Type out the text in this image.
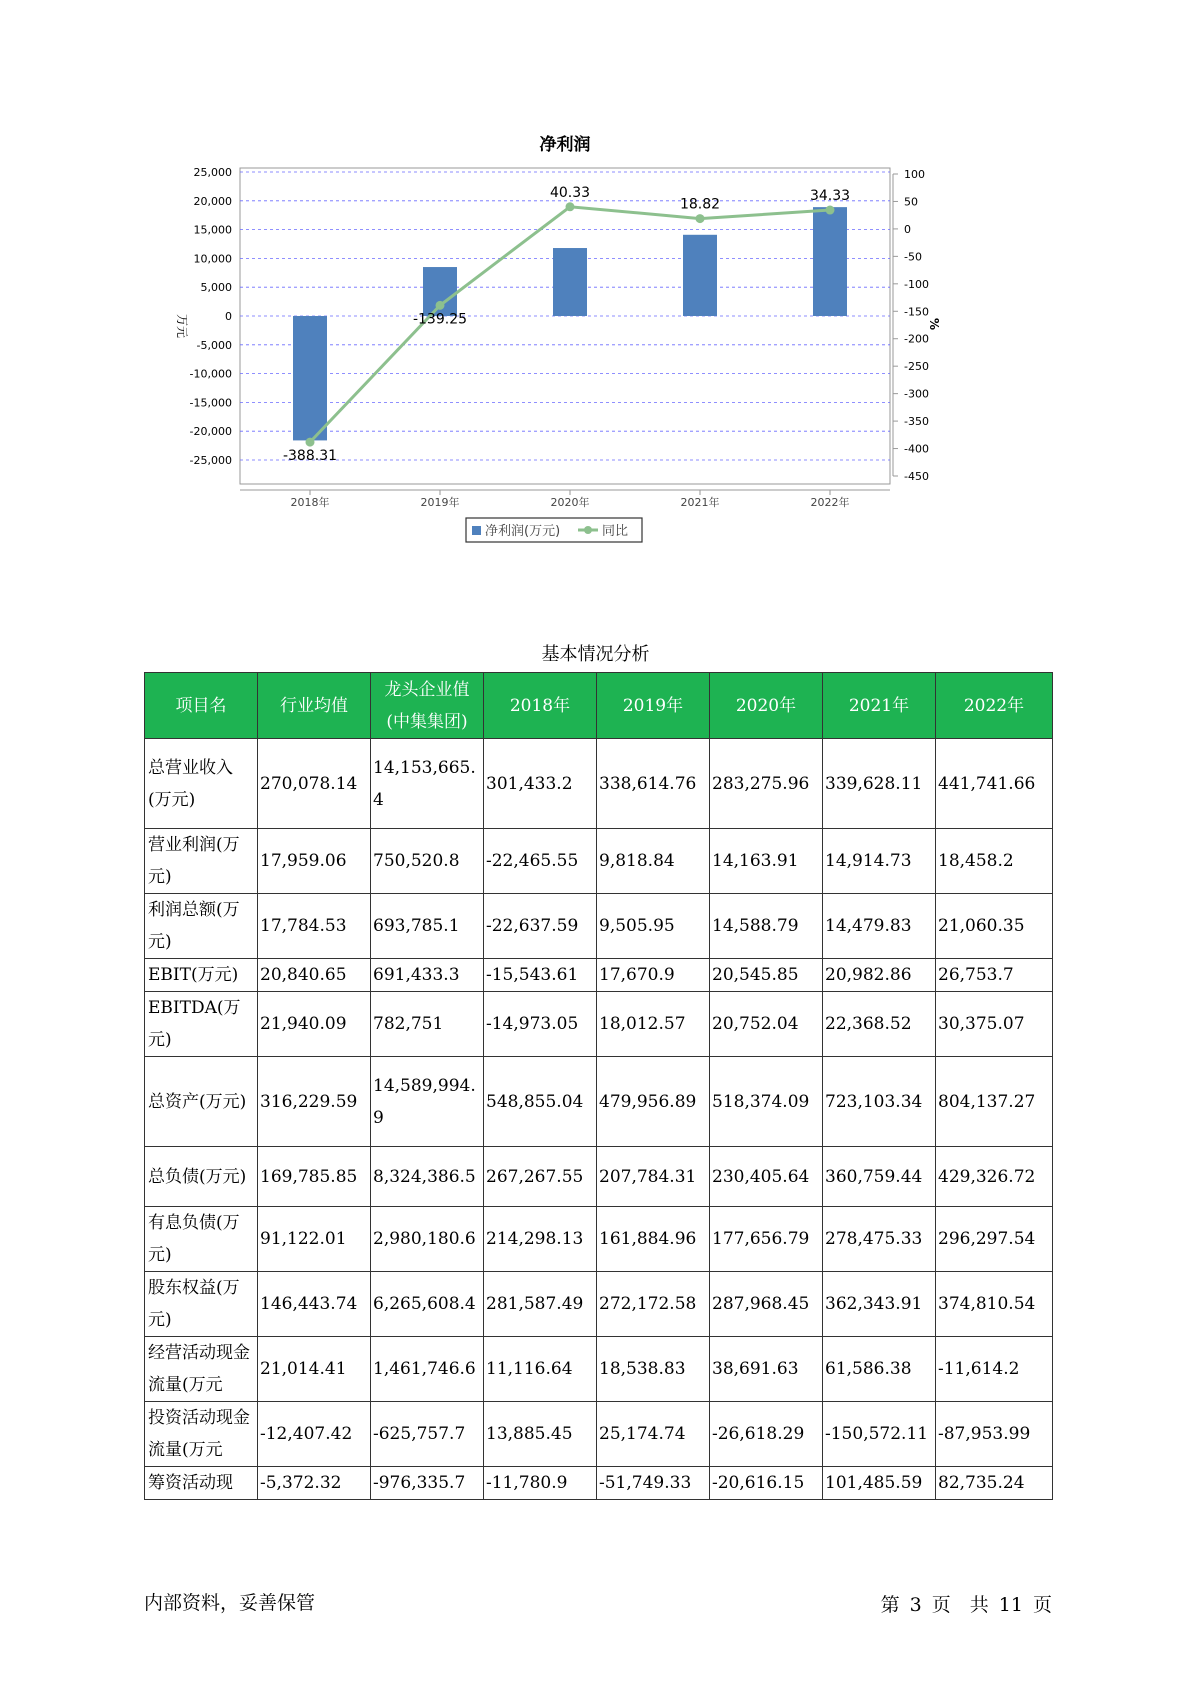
净利润
25,000
20,000
15,000
10,000
5,000
0
-5,000
-10,000
-15,000
-20,000
-25,000
100
50
0
-50
-100
-150
-200
-250
-300
-350
-400
-450
万元	%
2018年	2019年	2020年	2021年	2022年
-388.31
-139.25
40.33
18.82
34.33
净利润(万元)	同比
基本情况分析
项目名	行业均值	龙头企业值(中集集团)	2018年	2019年	2020年	2021年	2022年
总营业收入(万元)	270,078.14	14,153,665.4	301,433.2	338,614.76	283,275.96	339,628.11	441,741.66
营业利润(万元)	17,959.06	750,520.8	-22,465.55	9,818.84	14,163.91	14,914.73	18,458.2
利润总额(万元)	17,784.53	693,785.1	-22,637.59	9,505.95	14,588.79	14,479.83	21,060.35
EBIT(万元)	20,840.65	691,433.3	-15,543.61	17,670.9	20,545.85	20,982.86	26,753.7
EBITDA(万元)	21,940.09	782,751	-14,973.05	18,012.57	20,752.04	22,368.52	30,375.07
总资产(万元)	316,229.59	14,589,994.9	548,855.04	479,956.89	518,374.09	723,103.34	804,137.27
总负债(万元)	169,785.85	8,324,386.5	267,267.55	207,784.31	230,405.64	360,759.44	429,326.72
有息负债(万元)	91,122.01	2,980,180.6	214,298.13	161,884.96	177,656.79	278,475.33	296,297.54
股东权益(万元)	146,443.74	6,265,608.4	281,587.49	272,172.58	287,968.45	362,343.91	374,810.54
经营活动现金流量(万元	21,014.41	1,461,746.6	11,116.64	18,538.83	38,691.63	61,586.38	-11,614.2
投资活动现金流量(万元	-12,407.42	-625,757.7	13,885.45	25,174.74	-26,618.29	-150,572.11	-87,953.99
筹资活动现	-5,372.32	-976,335.7	-11,780.9	-51,749.33	-20,616.15	101,485.59	82,735.24
内部资料，妥善保管	第 3 页　共 11 页
